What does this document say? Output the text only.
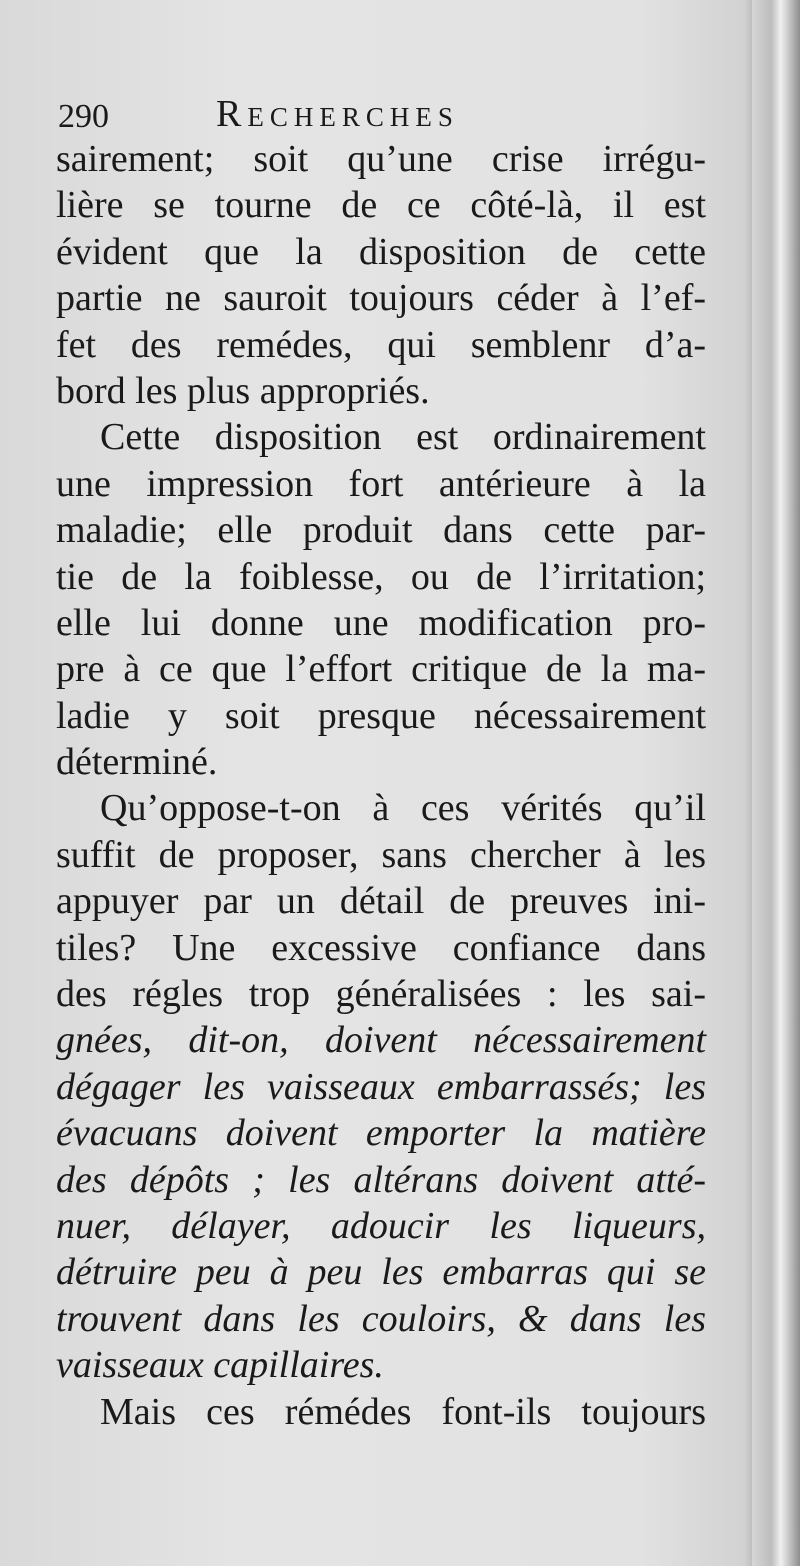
290	Recherches
sairement; soit qu’une crise irrégu-
lière se tourne de ce côté-là, il est
évident que la disposition de cette
partie ne sauroit toujours céder à l’ef-
fet des remédes, qui semblenr d’a-
bord les plus appropriés.
Cette disposition est ordinairement
une impression fort antérieure à la
maladie; elle produit dans cette par-
tie de la foiblesse, ou de l’irritation;
elle lui donne une modification pro-
pre à ce que l’effort critique de la ma-
ladie y soit presque nécessairement
déterminé.
Qu’oppose-t-on à ces vérités qu’il
suffit de proposer, sans chercher à les
appuyer par un détail de preuves ini-
tiles? Une excessive confiance dans
des régles trop généralisées : les sai-
gnées, dit-on, doivent nécessairement
dégager les vaisseaux embarrassés; les
évacuans doivent emporter la matière
des dépôts ; les altérans doivent atté-
nuer, délayer, adoucir les liqueurs,
détruire peu à peu les embarras qui se
trouvent dans les couloirs, & dans les
vaisseaux capillaires.
Mais ces rémédes font-ils toujours
